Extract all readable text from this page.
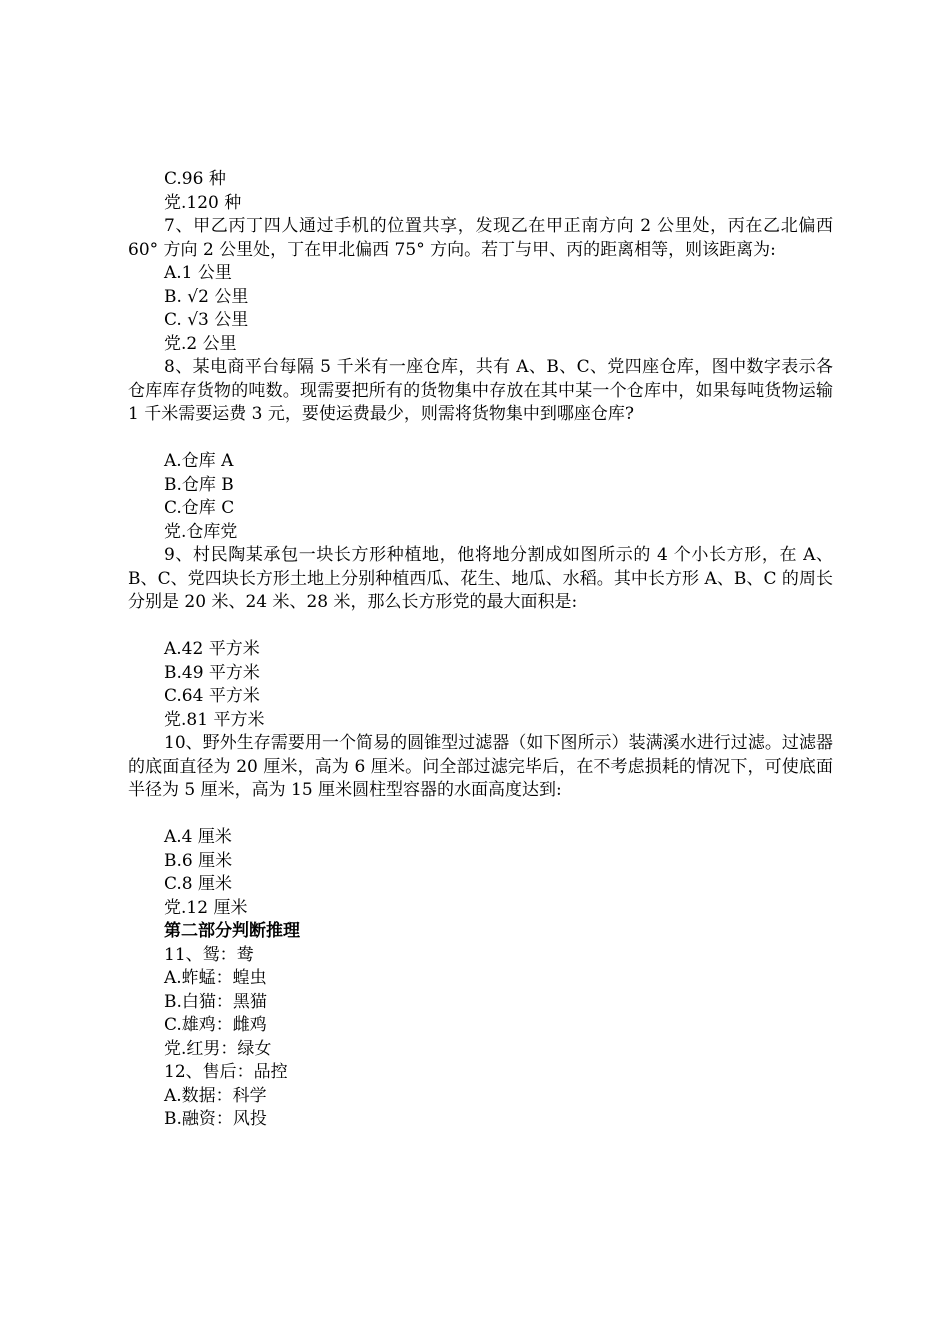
C.96 种
党.120 种
7、甲乙丙丁四人通过手机的位置共享，发现乙在甲正南方向 2 公里处，丙在乙北偏西 60° 方向 2 公里处，丁在甲北偏西 75° 方向。若丁与甲、丙的距离相等，则该距离为:
A.1 公里
B. √2 公里
C. √3 公里
党.2 公里
8、某电商平台每隔 5 千米有一座仓库，共有 A、B、C、党四座仓库，图中数字表示各仓库库存货物的吨数。现需要把所有的货物集中存放在其中某一个仓库中，如果每吨货物运输 1 千米需要运费 3 元，要使运费最少，则需将货物集中到哪座仓库?
A.仓库 A
B.仓库 B
C.仓库 C
党.仓库党
9、村民陶某承包一块长方形种植地，他将地分割成如图所示的 4 个小长方形，在 A、B、C、党四块长方形土地上分别种植西瓜、花生、地瓜、水稻。其中长方形 A、B、C 的周长分别是 20 米、24 米、28 米，那么长方形党的最大面积是:
A.42 平方米
B.49 平方米
C.64 平方米
党.81 平方米
10、野外生存需要用一个简易的圆锥型过滤器（如下图所示）装满溪水进行过滤。过滤器的底面直径为 20 厘米，高为 6 厘米。问全部过滤完毕后，在不考虑损耗的情况下，可使底面半径为 5 厘米，高为 15 厘米圆柱型容器的水面高度达到:
A.4 厘米
B.6 厘米
C.8 厘米
党.12 厘米
第二部分判断推理
11、鸳：鸯
A.蚱蜢：蝗虫
B.白猫：黑猫
C.雄鸡：雌鸡
党.红男：绿女
12、售后：品控
A.数据：科学
B.融资：风投
